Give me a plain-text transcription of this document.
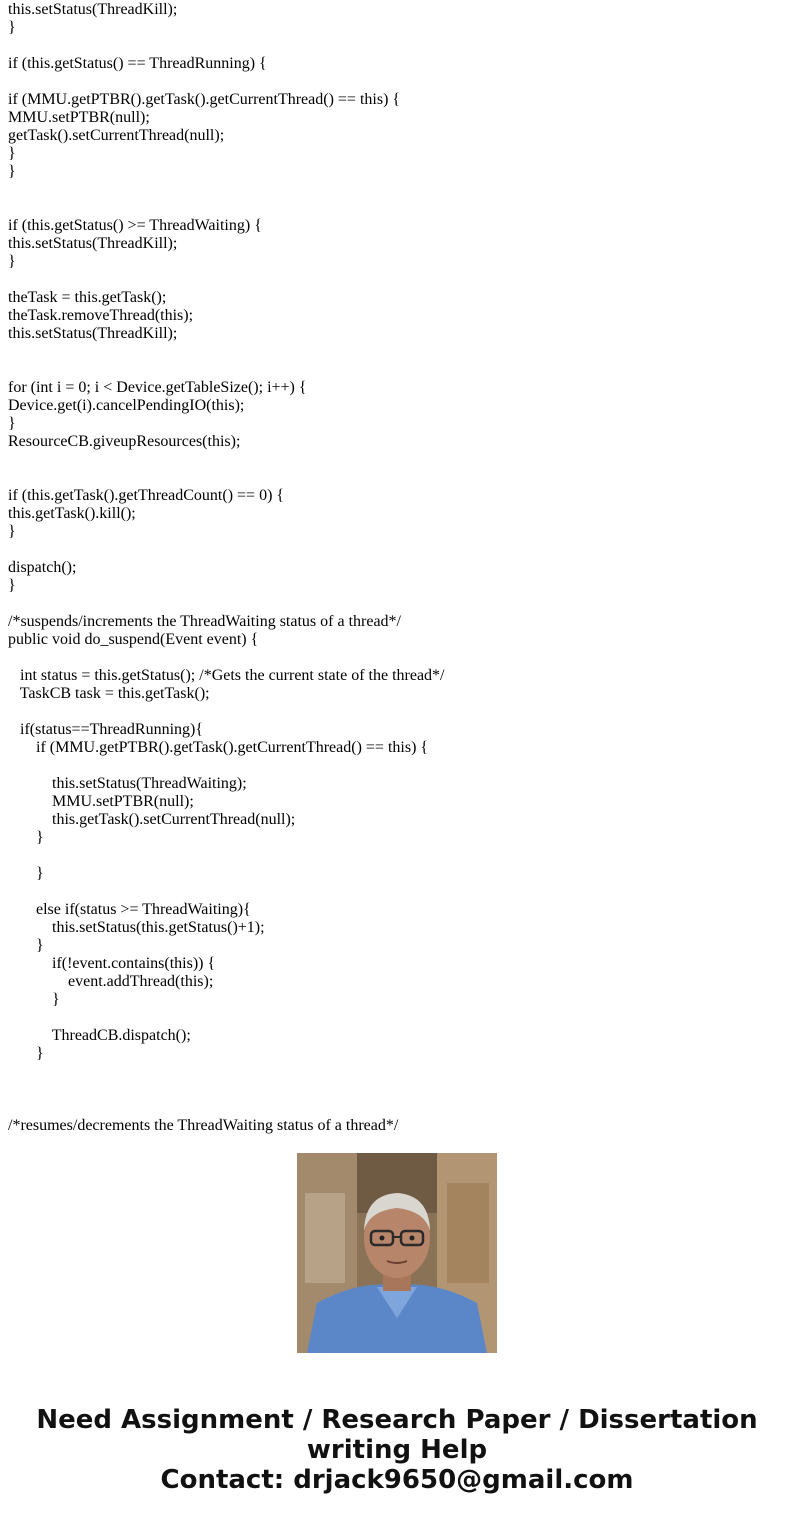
this.setStatus(ThreadKill);
}

if (this.getStatus() == ThreadRunning) {

if (MMU.getPTBR().getTask().getCurrentThread() == this) {
MMU.setPTBR(null);
getTask().setCurrentThread(null);
}
}

if (this.getStatus() >= ThreadWaiting) {
this.setStatus(ThreadKill);
}

theTask = this.getTask();
theTask.removeThread(this);
this.setStatus(ThreadKill);

for (int i = 0; i < Device.getTableSize(); i++) {
Device.get(i).cancelPendingIO(this);
}
ResourceCB.giveupResources(this);

if (this.getTask().getThreadCount() == 0) {
this.getTask().kill();
}

dispatch();
}

/*suspends/increments the ThreadWaiting status of a thread*/
public void do_suspend(Event event) {

int status = this.getStatus(); /*Gets the current state of the thread*/
TaskCB task = this.getTask();

if(status==ThreadRunning){
if (MMU.getPTBR().getTask().getCurrentThread() == this) {

this.setStatus(ThreadWaiting);
MMU.setPTBR(null);
this.getTask().setCurrentThread(null);
}

}

else if(status >= ThreadWaiting){
this.setStatus(this.getStatus()+1);
}
if(!event.contains(this)) {
event.addThread(this);
}

ThreadCB.dispatch();
}

/*resumes/decrements the ThreadWaiting status of a thread*/
Need Assignment / Research Paper / Dissertation
writing Help
Contact: drjack9650@gmail.com
